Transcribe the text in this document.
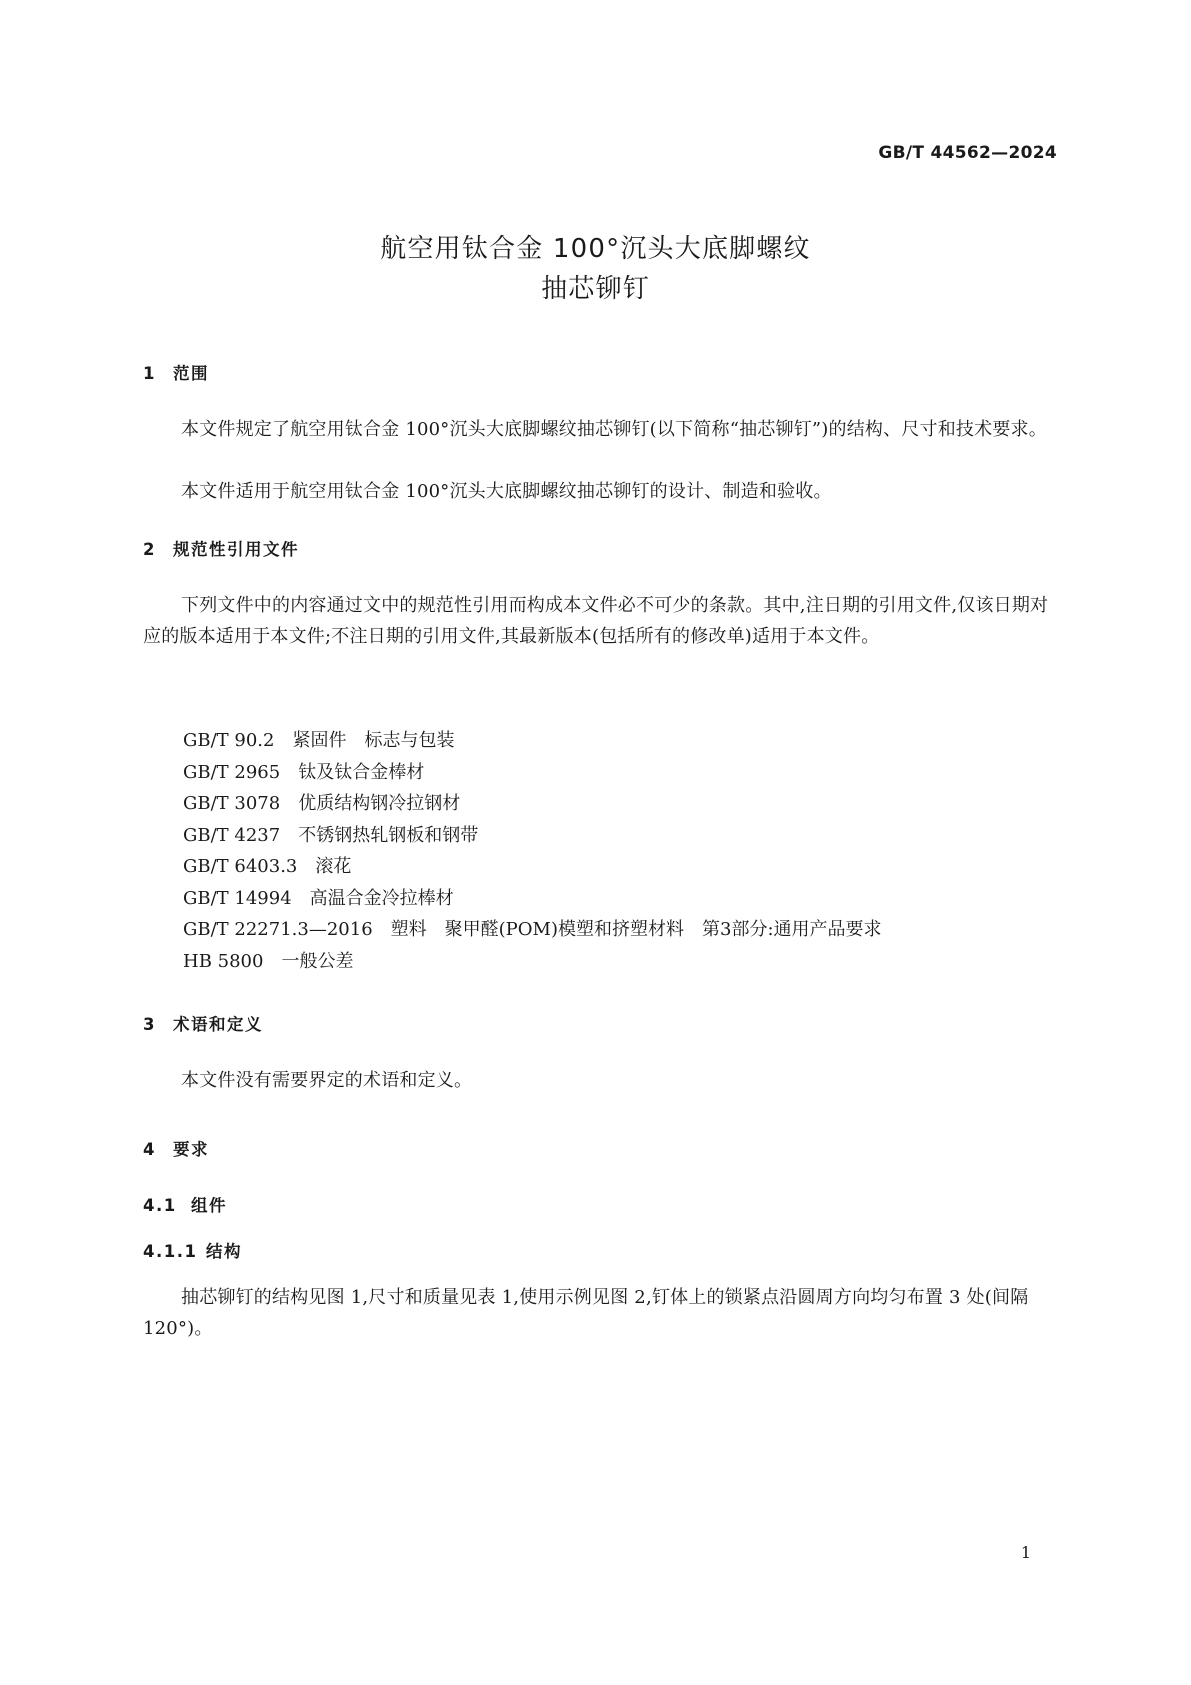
GB/T 44562—2024
航空用钛合金 100°沉头大底脚螺纹
抽芯铆钉
1 范围
本文件规定了航空用钛合金 100°沉头大底脚螺纹抽芯铆钉(以下简称“抽芯铆钉”)的结构、尺寸和技术要求。
本文件适用于航空用钛合金 100°沉头大底脚螺纹抽芯铆钉的设计、制造和验收。
2 规范性引用文件
下列文件中的内容通过文中的规范性引用而构成本文件必不可少的条款。其中,注日期的引用文件,仅该日期对应的版本适用于本文件;不注日期的引用文件,其最新版本(包括所有的修改单)适用于本文件。
GB/T 90.2 紧固件　标志与包装
GB/T 2965 钛及钛合金棒材
GB/T 3078 优质结构钢冷拉钢材
GB/T 4237 不锈钢热轧钢板和钢带
GB/T 6403.3 滚花
GB/T 14994 高温合金冷拉棒材
GB/T 22271.3—2016 塑料　聚甲醛(POM)模塑和挤塑材料　第3部分:通用产品要求
HB 5800 一般公差
3 术语和定义
本文件没有需要界定的术语和定义。
4 要求
4.1 组件
4.1.1 结构
抽芯铆钉的结构见图 1,尺寸和质量见表 1,使用示例见图 2,钉体上的锁紧点沿圆周方向均匀布置 3 处(间隔 120°)。
1
